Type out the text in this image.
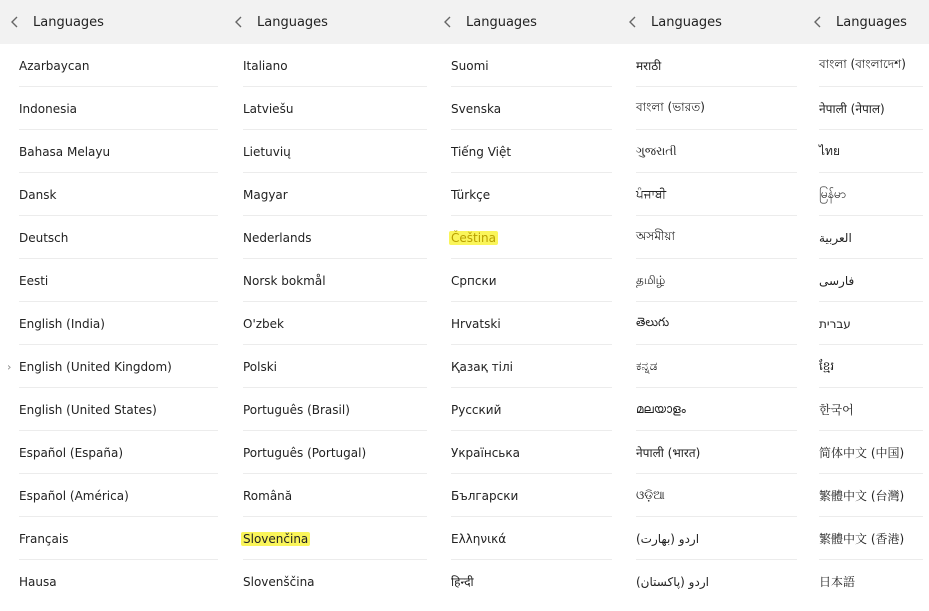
Languages
Azarbaycan
Indonesia
Bahasa Melayu
Dansk
Deutsch
Eesti
English (India)
› English (United Kingdom)
English (United States)
Español (España)
Español (América)
Français
Hausa
Languages
Italiano
Latviešu
Lietuvių
Magyar
Nederlands
Norsk bokmål
O'zbek
Polski
Português (Brasil)
Português (Portugal)
Română
Slovenčina
Slovenščina
Languages
Suomi
Svenska
Tiếng Việt
Türkçe
Čeština
Српски
Hrvatski
Қазақ тілі
Русский
Українська
Български
Ελληνικά
हिन्दी
Languages
मराठी
বাংলা (ভারত)
ગુજરાતી
ਪੰਜਾਬੀ
অসমীয়া
தமிழ்
తెలుగు
ಕನ್ನಡ
മലയാളം
नेपाली (भारत)
ଓଡ଼ିଆ
اردو (بھارت)
اردو (پاکستان)
Languages
বাংলা (বাংলাদেশ)
नेपाली (नेपाल)
ไทย
မြန်မာ
العربية
فارسی
עברית
ខ្មែរ
한국어
简体中文 (中国)
繁體中文 (台灣)
繁體中文 (香港)
日本語
